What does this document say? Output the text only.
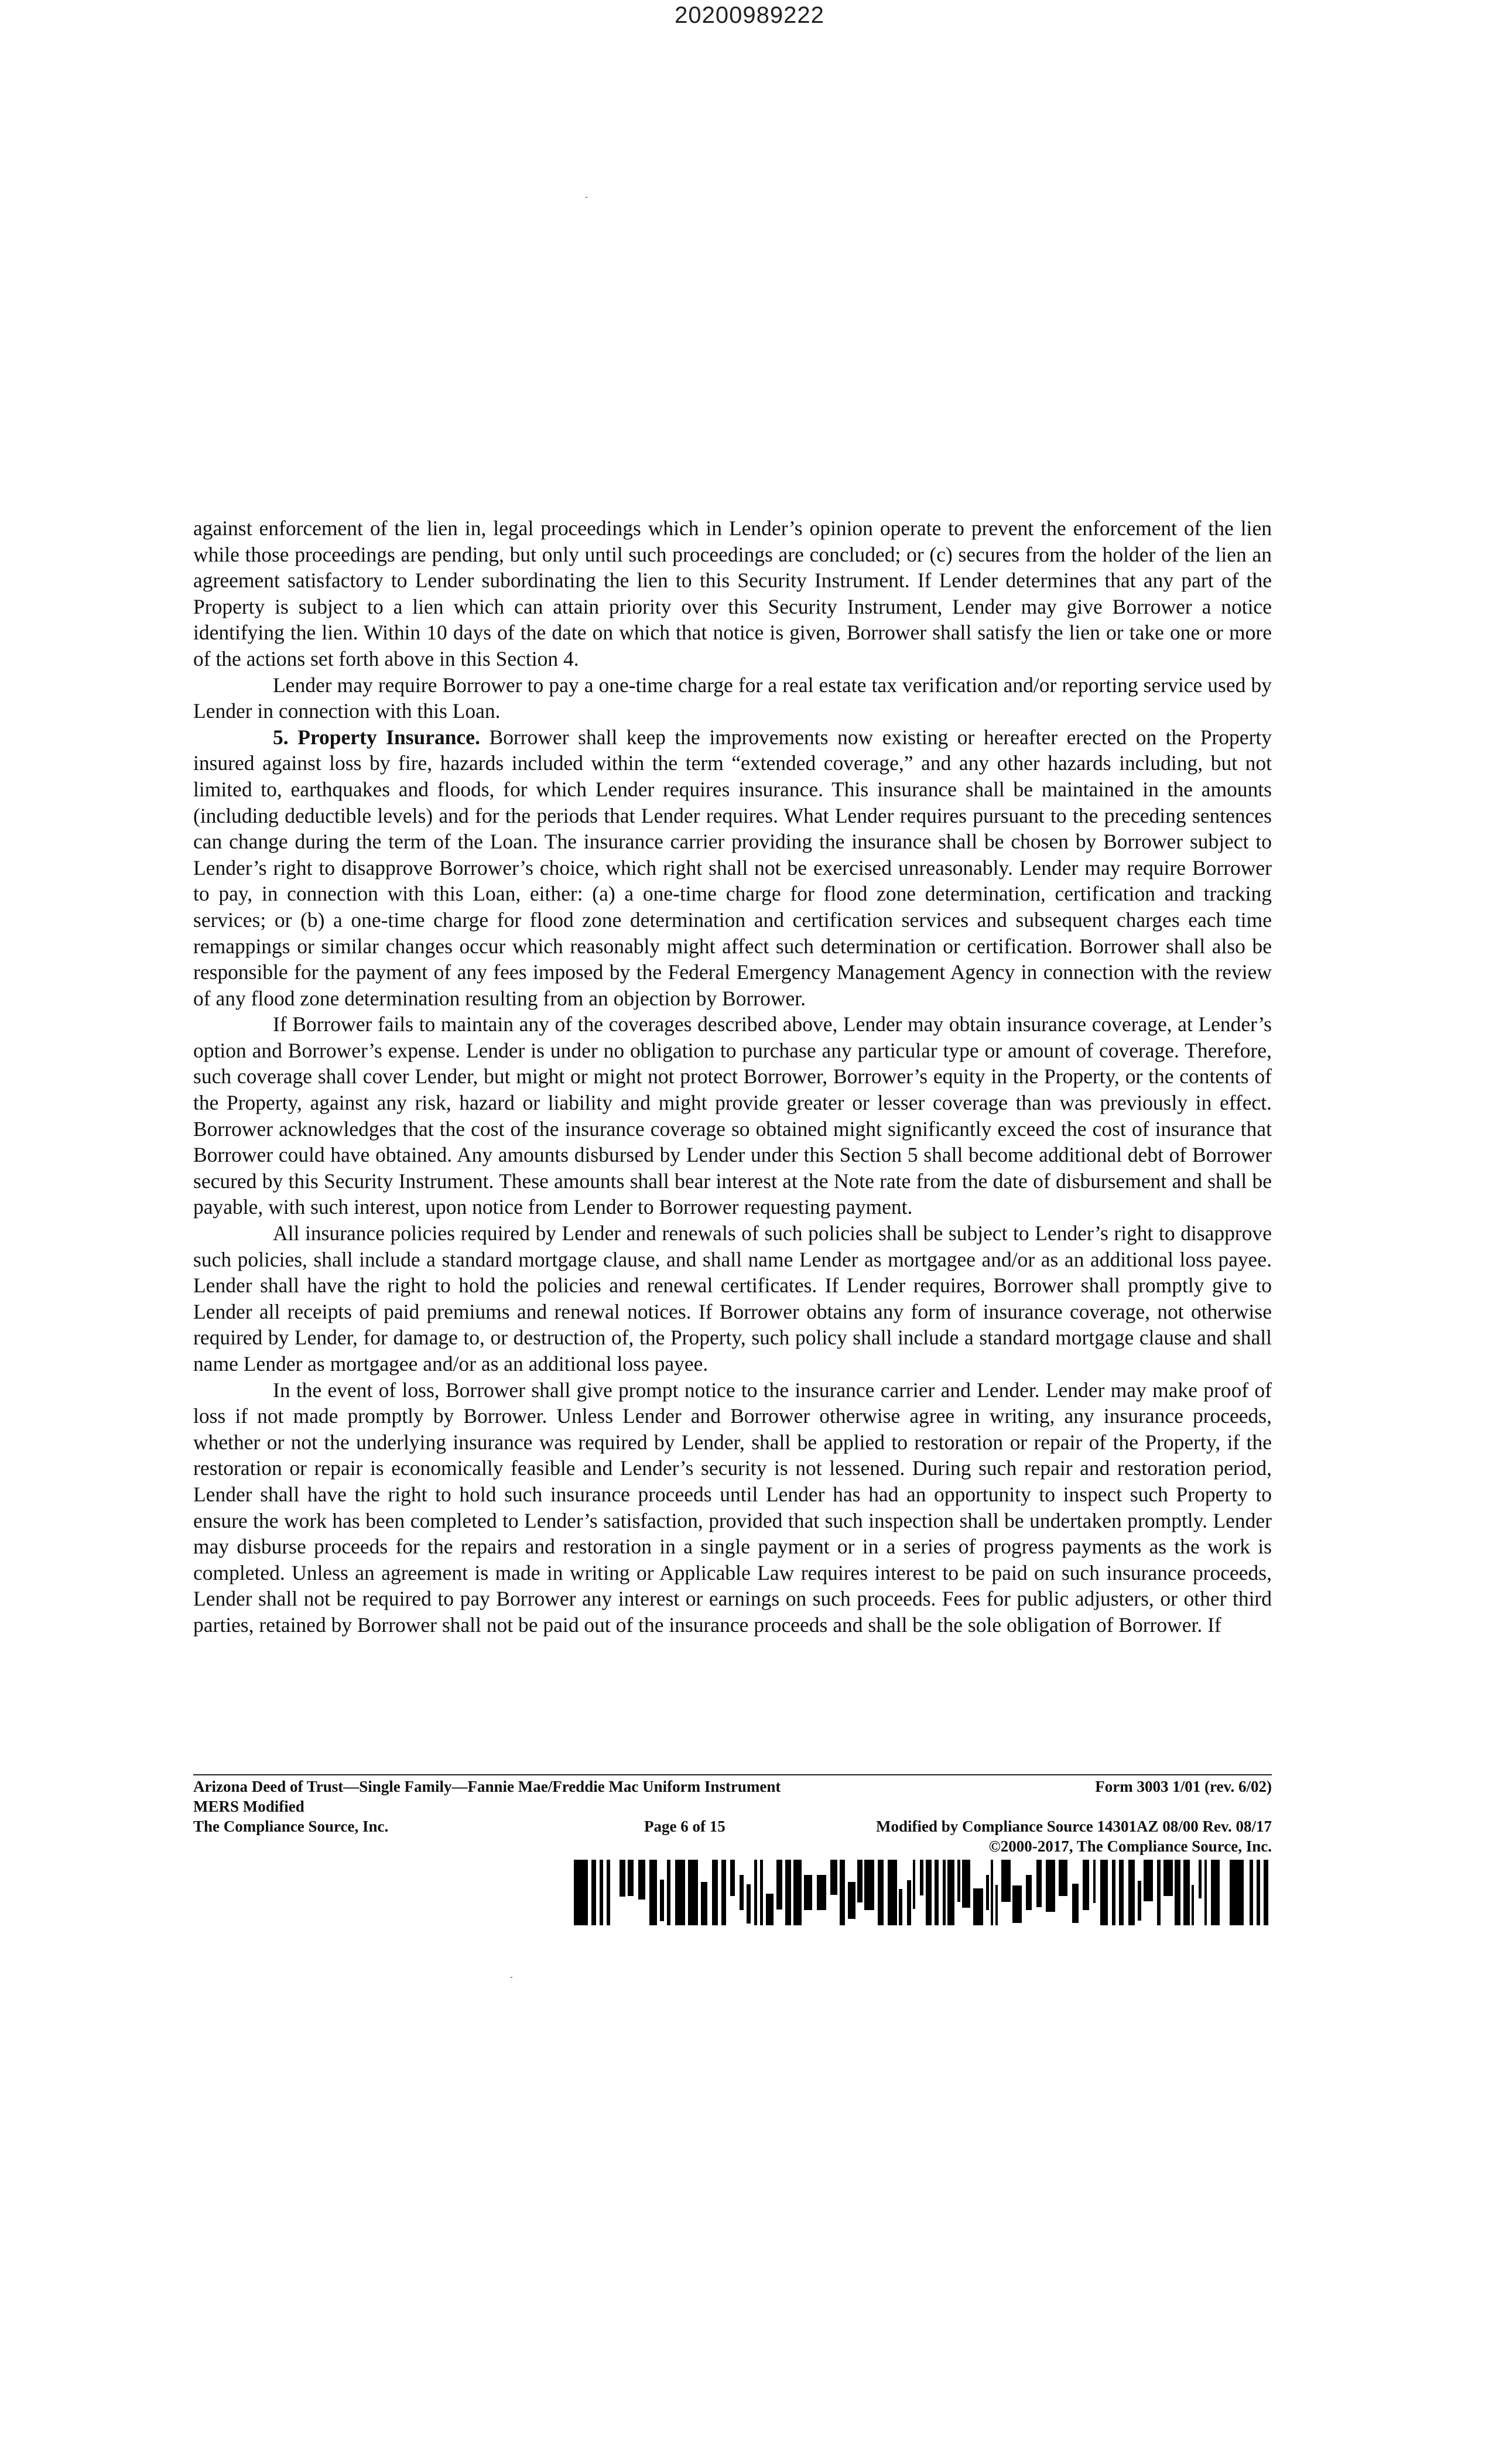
20200989222

against enforcement of the lien in, legal proceedings which in Lender’s opinion operate to prevent the enforcement of the lien while those proceedings are pending, but only until such proceedings are concluded; or (c) secures from the holder of the lien an agreement satisfactory to Lender subordinating the lien to this Security Instrument. If Lender determines that any part of the Property is subject to a lien which can attain priority over this Security Instrument, Lender may give Borrower a notice identifying the lien. Within 10 days of the date on which that notice is given, Borrower shall satisfy the lien or take one or more of the actions set forth above in this Section 4.

Lender may require Borrower to pay a one-time charge for a real estate tax verification and/or reporting service used by Lender in connection with this Loan.

5. Property Insurance. Borrower shall keep the improvements now existing or hereafter erected on the Property insured against loss by fire, hazards included within the term “extended coverage,” and any other hazards including, but not limited to, earthquakes and floods, for which Lender requires insurance. This insurance shall be maintained in the amounts (including deductible levels) and for the periods that Lender requires. What Lender requires pursuant to the preceding sentences can change during the term of the Loan. The insurance carrier providing the insurance shall be chosen by Borrower subject to Lender’s right to disapprove Borrower’s choice, which right shall not be exercised unreasonably. Lender may require Borrower to pay, in connection with this Loan, either: (a) a one-time charge for flood zone determination, certification and tracking services; or (b) a one-time charge for flood zone determination and certification services and subsequent charges each time remappings or similar changes occur which reasonably might affect such determination or certification. Borrower shall also be responsible for the payment of any fees imposed by the Federal Emergency Management Agency in connection with the review of any flood zone determination resulting from an objection by Borrower.

If Borrower fails to maintain any of the coverages described above, Lender may obtain insurance coverage, at Lender’s option and Borrower’s expense. Lender is under no obligation to purchase any particular type or amount of coverage. Therefore, such coverage shall cover Lender, but might or might not protect Borrower, Borrower’s equity in the Property, or the contents of the Property, against any risk, hazard or liability and might provide greater or lesser coverage than was previously in effect. Borrower acknowledges that the cost of the insurance coverage so obtained might significantly exceed the cost of insurance that Borrower could have obtained. Any amounts disbursed by Lender under this Section 5 shall become additional debt of Borrower secured by this Security Instrument. These amounts shall bear interest at the Note rate from the date of disbursement and shall be payable, with such interest, upon notice from Lender to Borrower requesting payment.

All insurance policies required by Lender and renewals of such policies shall be subject to Lender’s right to disapprove such policies, shall include a standard mortgage clause, and shall name Lender as mortgagee and/or as an additional loss payee. Lender shall have the right to hold the policies and renewal certificates. If Lender requires, Borrower shall promptly give to Lender all receipts of paid premiums and renewal notices. If Borrower obtains any form of insurance coverage, not otherwise required by Lender, for damage to, or destruction of, the Property, such policy shall include a standard mortgage clause and shall name Lender as mortgagee and/or as an additional loss payee.

In the event of loss, Borrower shall give prompt notice to the insurance carrier and Lender. Lender may make proof of loss if not made promptly by Borrower. Unless Lender and Borrower otherwise agree in writing, any insurance proceeds, whether or not the underlying insurance was required by Lender, shall be applied to restoration or repair of the Property, if the restoration or repair is economically feasible and Lender’s security is not lessened. During such repair and restoration period, Lender shall have the right to hold such insurance proceeds until Lender has had an opportunity to inspect such Property to ensure the work has been completed to Lender’s satisfaction, provided that such inspection shall be undertaken promptly. Lender may disburse proceeds for the repairs and restoration in a single payment or in a series of progress payments as the work is completed. Unless an agreement is made in writing or Applicable Law requires interest to be paid on such insurance proceeds, Lender shall not be required to pay Borrower any interest or earnings on such proceeds. Fees for public adjusters, or other third parties, retained by Borrower shall not be paid out of the insurance proceeds and shall be the sole obligation of Borrower. If

Arizona Deed of Trust—Single Family—Fannie Mae/Freddie Mac Uniform Instrument	Form 3003 1/01 (rev. 6/02)
MERS Modified
The Compliance Source, Inc.	Page 6 of 15	Modified by Compliance Source 14301AZ 08/00 Rev. 08/17
©2000-2017, The Compliance Source, Inc.
